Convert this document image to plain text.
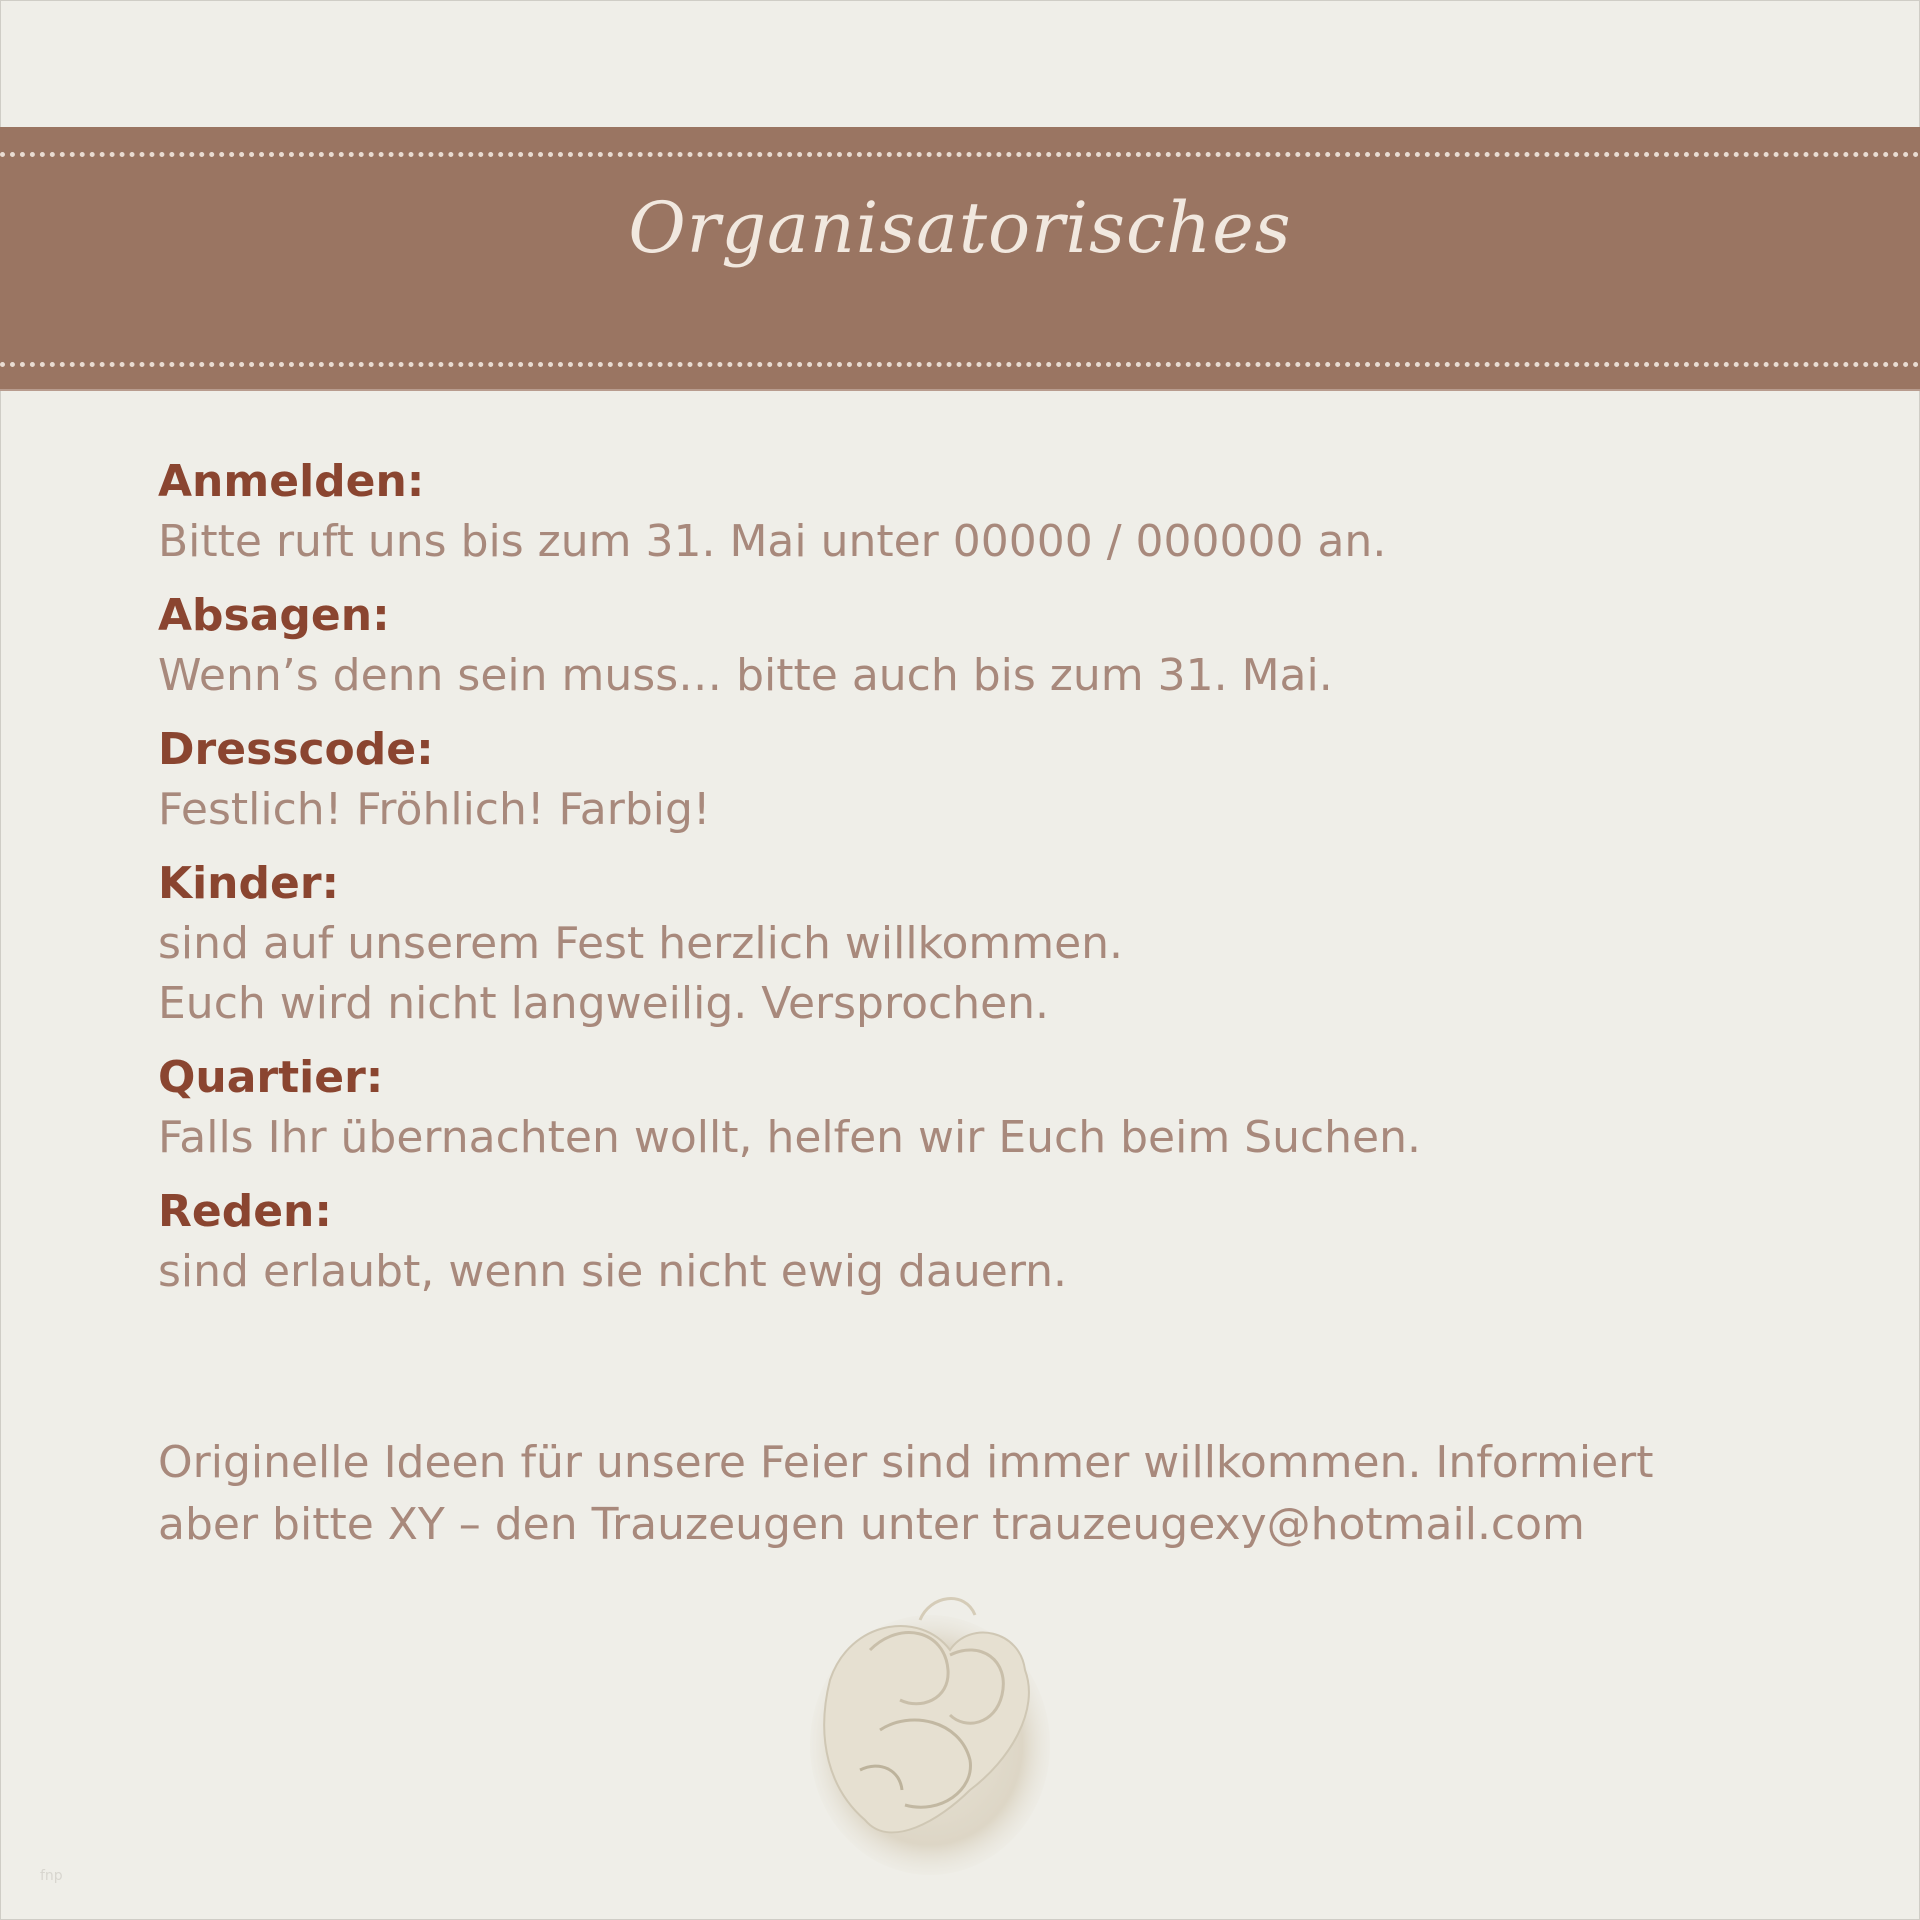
Organisatorisches
Anmelden:
Bitte ruft uns bis zum 31. Mai unter 00000 / 000000 an.
Absagen:
Wenn’s denn sein muss… bitte auch bis zum 31. Mai.
Dresscode:
Festlich! Fröhlich! Farbig!
Kinder:
sind auf unserem Fest herzlich willkommen.
Euch wird nicht langweilig. Versprochen.
Quartier:
Falls Ihr übernachten wollt, helfen wir Euch beim Suchen.
Reden:
sind erlaubt, wenn sie nicht ewig dauern.
Originelle Ideen für unsere Feier sind immer willkommen. Informiert
aber bitte XY – den Trauzeugen unter trauzeugexy@hotmail.com
fnp
